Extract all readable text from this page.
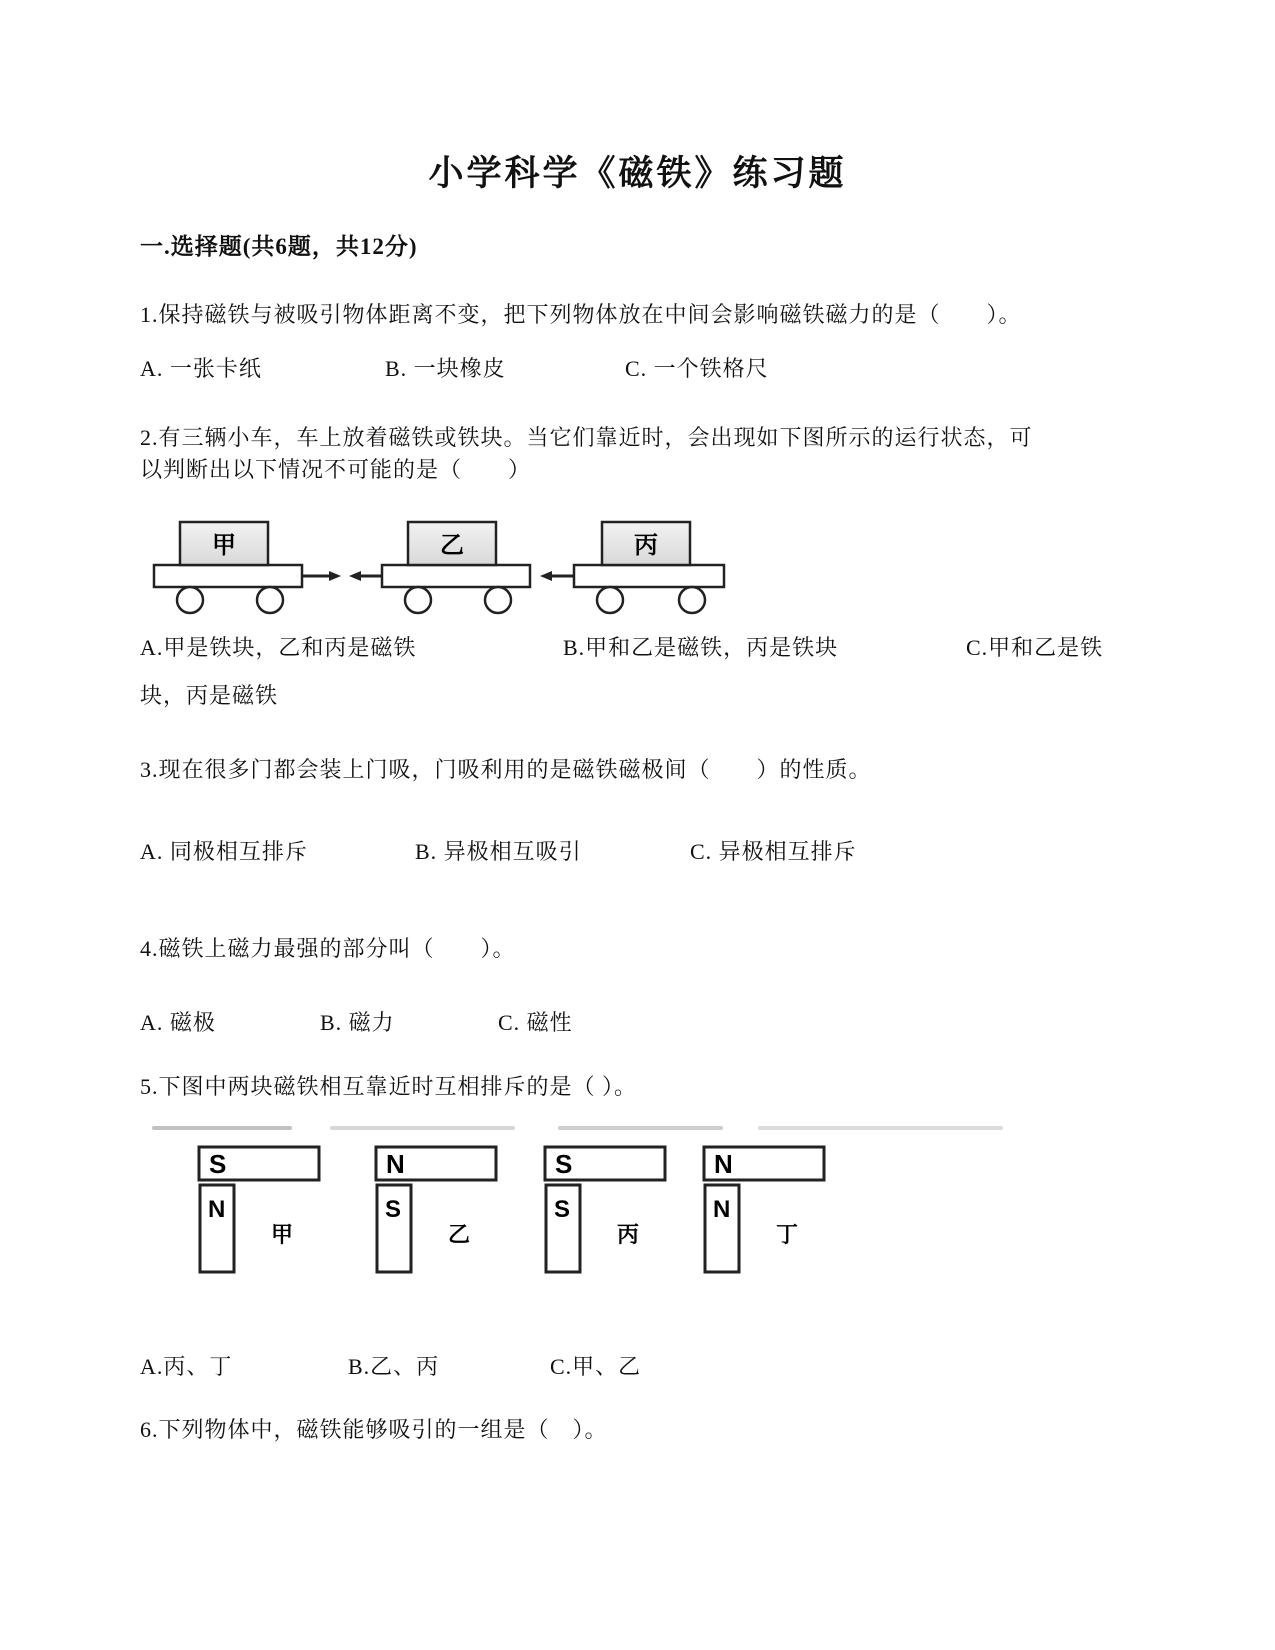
小学科学《磁铁》练习题
一.选择题(共6题，共12分)
1.保持磁铁与被吸引物体距离不变，把下列物体放在中间会影响磁铁磁力的是（　　）。
A. 一张卡纸	B. 一块橡皮	C. 一个铁格尺
2.有三辆小车，车上放着磁铁或铁块。当它们靠近时，会出现如下图所示的运行状态，可
以判断出以下情况不可能的是（　　）
甲	乙	丙
A.甲是铁块，乙和丙是磁铁	B.甲和乙是磁铁，丙是铁块	C.甲和乙是铁
块，丙是磁铁
3.现在很多门都会装上门吸，门吸利用的是磁铁磁极间（　　）的性质。
A. 同极相互排斥	B. 异极相互吸引	C. 异极相互排斥
4.磁铁上磁力最强的部分叫（　　）。
A. 磁极	B. 磁力	C. 磁性
5.下图中两块磁铁相互靠近时互相排斥的是（ ）。
S
N
甲
N
S
乙
S
S
丙
N
N
丁
A.丙、丁	B.乙、丙	C.甲、乙
6.下列物体中，磁铁能够吸引的一组是（　）。
